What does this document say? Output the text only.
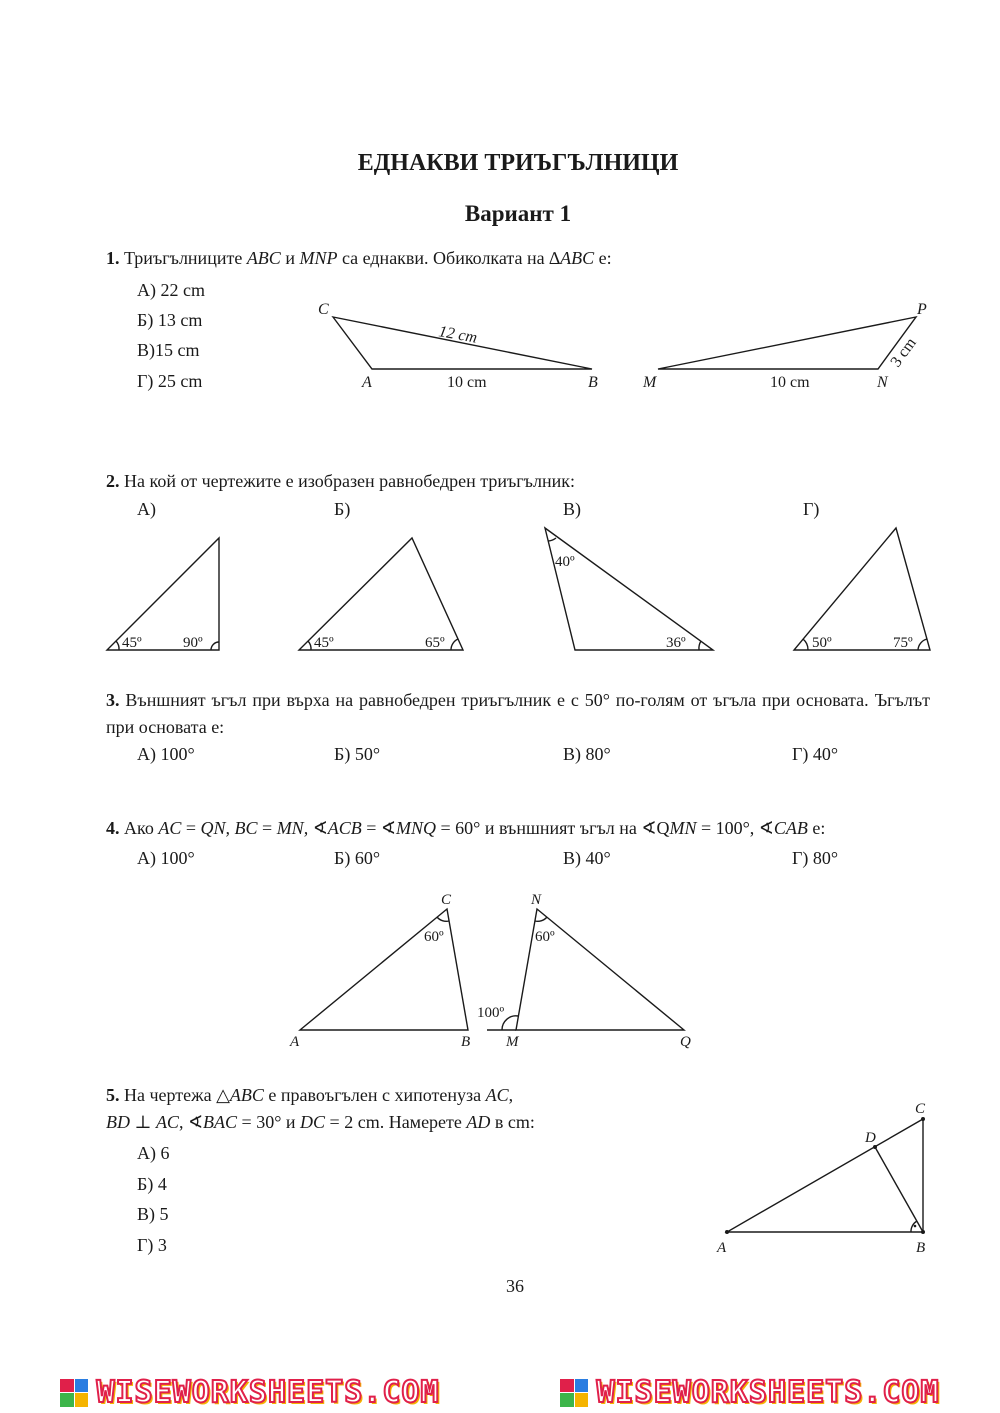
ЕДНАКВИ ТРИЪГЪЛНИЦИ
Вариант 1
1. Триъгълниците ABC и MNP са еднакви. Обиколката на ∆ABC е:
А) 22 cm
Б) 13 cm
В)15 cm
Г) 25 cm
2. На кой от чертежите е изобразен равнобедрен триъгълник:
А)	Б)	В)	Г)
3. Външният ъгъл при върха на равнобедрен триъгълник е с 50° по-голям от ъгъла при основата. Ъгълът при основата е:
А) 100°	Б) 50°	В) 80°	Г) 40°
4. Ако AC = QN, BC = MN, ∢ACB = ∢MNQ = 60° и външният ъгъл на ∢QMN = 100°, ∢CAB е:
А) 100°	Б) 60°	В) 40°	Г) 80°
5. На чертежа △ABC е правоъгълен с хипотенуза AC,
BD ⊥ AC, ∢BAC = 30° и DC = 2 cm. Намерете AD в cm:
А) 6
Б) 4
В) 5
Г) 3
C
A	B
12 cm
10 cm
P
M	N
10 cm
3 cm
45º	90º	45º	65º
40º
36º	50º	75º
C
A	B
60º
N
M	Q
60º
100º
A	B
C
D
36
WISEWORKSHEETS.COM	WISEWORKSHEETS.COM
